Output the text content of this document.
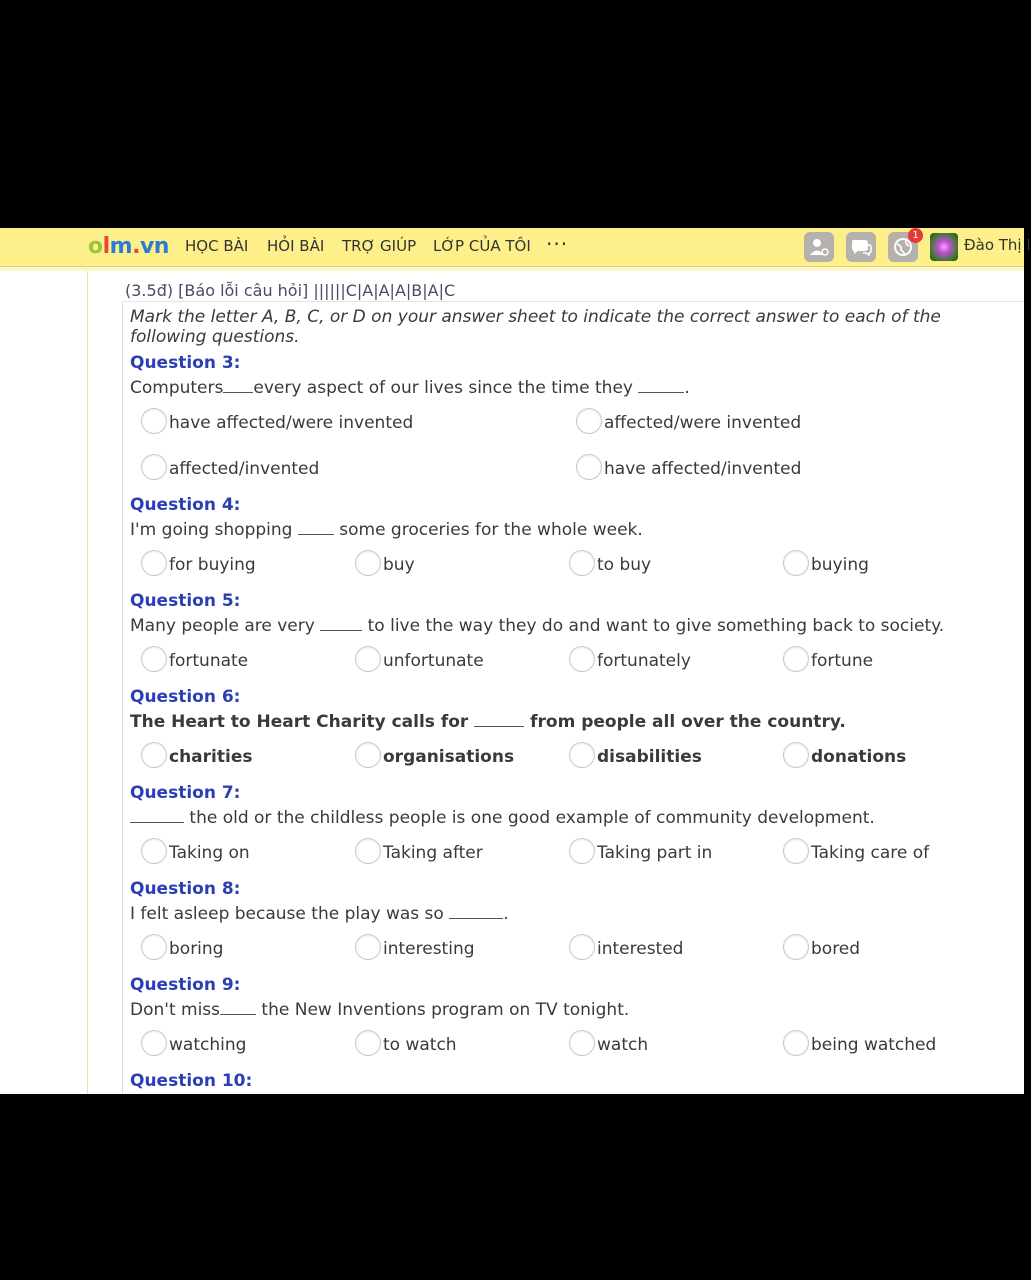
olm.vn HỌC BÀI HỎI BÀI TRỢ GIÚP LỚP CỦA TÔI ···	1
Đào Thị I
(3.5đ) [Báo lỗi câu hỏi] ||||||C|A|A|A|B|A|C
Mark the letter A, B, C, or D on your answer sheet to indicate the correct answer to each of the following questions.
Question 3:
Computers every aspect of our lives since the time they	.
have affected/were invented	affected/were invented
affected/invented	have affected/invented
Question 4:
I'm going shopping  some groceries for the whole week.
for buying	buy	to buy	buying
Question 5:
Many people are very  to live the way they do and want to give something back to society.
fortunate	unfortunate	fortunately	fortune
Question 6:
The Heart to Heart Charity calls for	from people all over the country.
charities	organisations	disabilities	donations
Question 7:
the old or the childless people is one good example of community development.
Taking on	Taking after	Taking part in	Taking care of
Question 8:
I felt asleep because the play was so	.
boring	interesting	interested	bored
Question 9:
Don't miss the New Inventions program on TV tonight.
watching	to watch	watch	being watched
Question 10:
